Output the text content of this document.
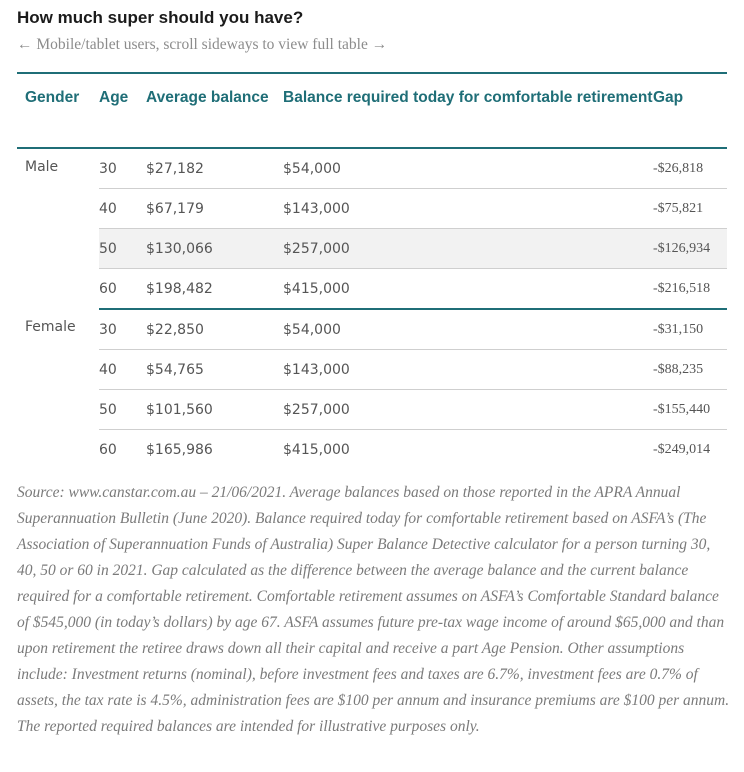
How much super should you have?
← Mobile/tablet users, scroll sideways to view full table →
Gender	Age	Average balance	Balance required today for comfortable retirement	Gap
Male	30	$27,182	$54,000	-$26,818
	40	$67,179	$143,000	-$75,821
	50	$130,066	$257,000	-$126,934
	60	$198,482	$415,000	-$216,518
Female	30	$22,850	$54,000	-$31,150
	40	$54,765	$143,000	-$88,235
	50	$101,560	$257,000	-$155,440
	60	$165,986	$415,000	-$249,014

Source: www.canstar.com.au – 21/06/2021. Average balances based on those reported in the APRA Annual Superannuation Bulletin (June 2020). Balance required today for comfortable retirement based on ASFA’s (The Association of Superannuation Funds of Australia) Super Balance Detective calculator for a person turning 30, 40, 50 or 60 in 2021. Gap calculated as the difference between the average balance and the current balance required for a comfortable retirement. Comfortable retirement assumes on ASFA’s Comfortable Standard balance of $545,000 (in today’s dollars) by age 67. ASFA assumes future pre-tax wage income of around $65,000 and than upon retirement the retiree draws down all their capital and receive a part Age Pension. Other assumptions include: Investment returns (nominal), before investment fees and taxes are 6.7%, investment fees are 0.7% of assets, the tax rate is 4.5%, administration fees are $100 per annum and insurance premiums are $100 per annum. The reported required balances are intended for illustrative purposes only.
